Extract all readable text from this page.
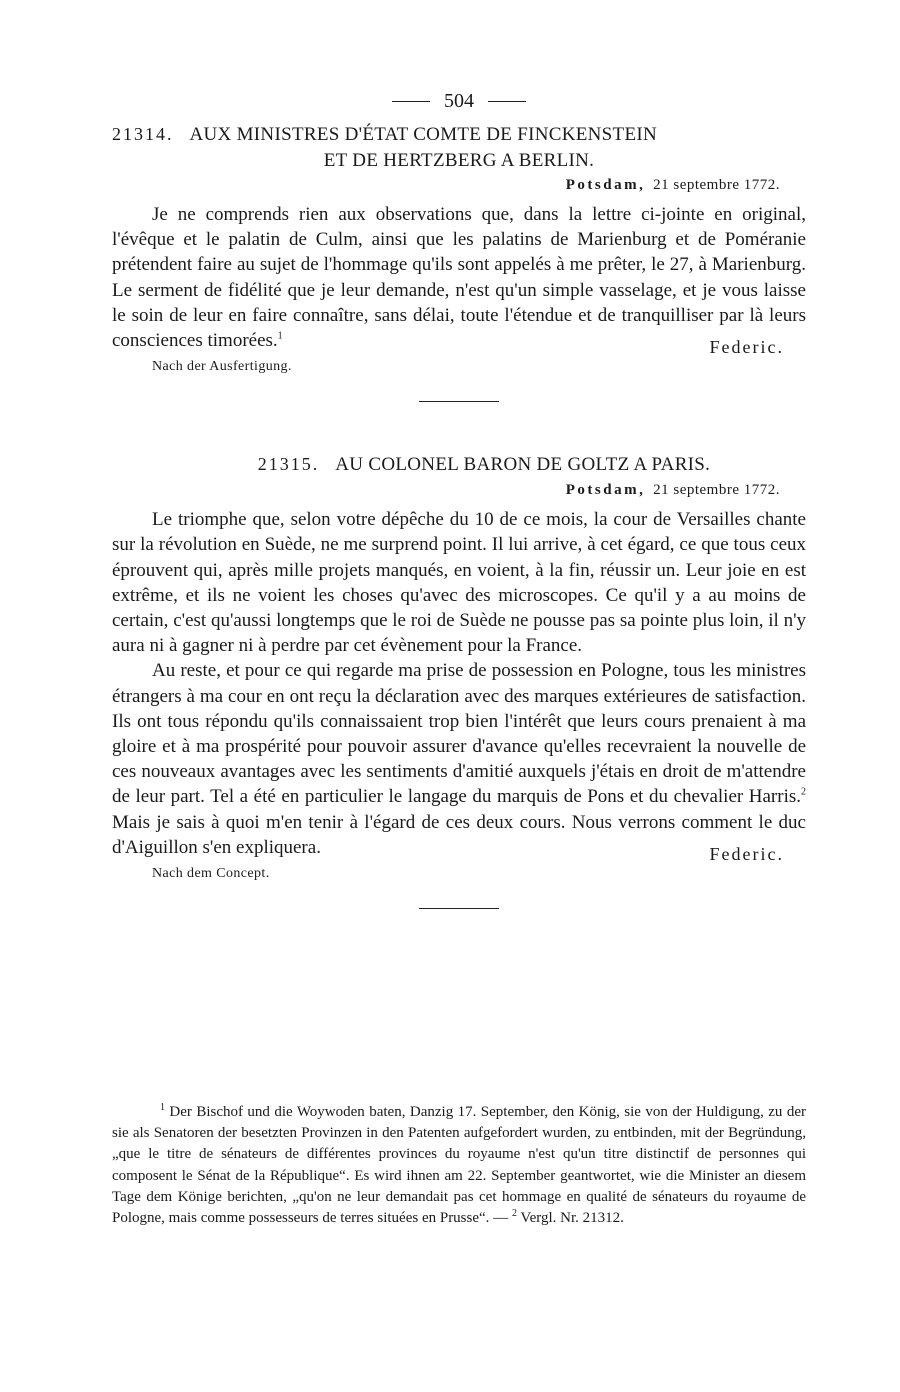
504
21314. AUX MINISTRES D'ÉTAT COMTE DE FINCKENSTEIN
ET DE HERTZBERG A BERLIN.
Potsdam, 21 septembre 1772.

Je ne comprends rien aux observations que, dans la lettre ci-jointe en original, l'évêque et le palatin de Culm, ainsi que les palatins de Marienburg et de Poméranie prétendent faire au sujet de l'hommage qu'ils sont appelés à me prêter, le 27, à Marienburg. Le serment de fidélité que je leur demande, n'est qu'un simple vasselage, et je vous laisse le soin de leur en faire connaître, sans délai, toute l'étendue et de tranquilliser par là leurs consciences timorées.$^1$

Nach der Ausfertigung.
Federic.
21315. AU COLONEL BARON DE GOLTZ A PARIS.
Potsdam, 21 septembre 1772.

Le triomphe que, selon votre dépêche du 10 de ce mois, la cour de Versailles chante sur la révolution en Suède, ne me surprend point. Il lui arrive, à cet égard, ce que tous ceux éprouvent qui, après mille projets manqués, en voient, à la fin, réussir un. Leur joie en est extrême, et ils ne voient les choses qu'avec des microscopes. Ce qu'il y a au moins de certain, c'est qu'aussi longtemps que le roi de Suède ne pousse pas sa pointe plus loin, il n'y aura ni à gagner ni à perdre par cet évènement pour la France.

Au reste, et pour ce qui regarde ma prise de possession en Pologne, tous les ministres étrangers à ma cour en ont reçu la déclaration avec des marques extérieures de satisfaction. Ils ont tous répondu qu'ils connaissaient trop bien l'intérêt que leurs cours prenaient à ma gloire et à ma prospérité pour pouvoir assurer d'avance qu'elles recevraient la nouvelle de ces nouveaux avantages avec les sentiments d'amitié auxquels j'étais en droit de m'attendre de leur part. Tel a été en particulier le langage du marquis de Pons et du chevalier Harris.$^2$ Mais je sais à quoi m'en tenir à l'égard de ces deux cours. Nous verrons comment le duc d'Aiguillon s'en expliquera.

Nach dem Concept.
Federic.

$^1$ Der Bischof und die Woywoden baten, Danzig 17. September, den König, sie von der Huldigung, zu der sie als Senatoren der besetzten Provinzen in den Patenten aufgefordert wurden, zu entbinden, mit der Begründung, „que le titre de sénateurs de différentes provinces du royaume n'est qu'un titre distinctif de personnes qui composent le Sénat de la République“. Es wird ihnen am 22. September geantwortet, wie die Minister an diesem Tage dem Könige berichten, „qu'on ne leur demandait pas cet hommage en qualité de sénateurs du royaume de Pologne, mais comme possesseurs de terres situées en Prusse“. — $^2$ Vergl. Nr. 21312.
